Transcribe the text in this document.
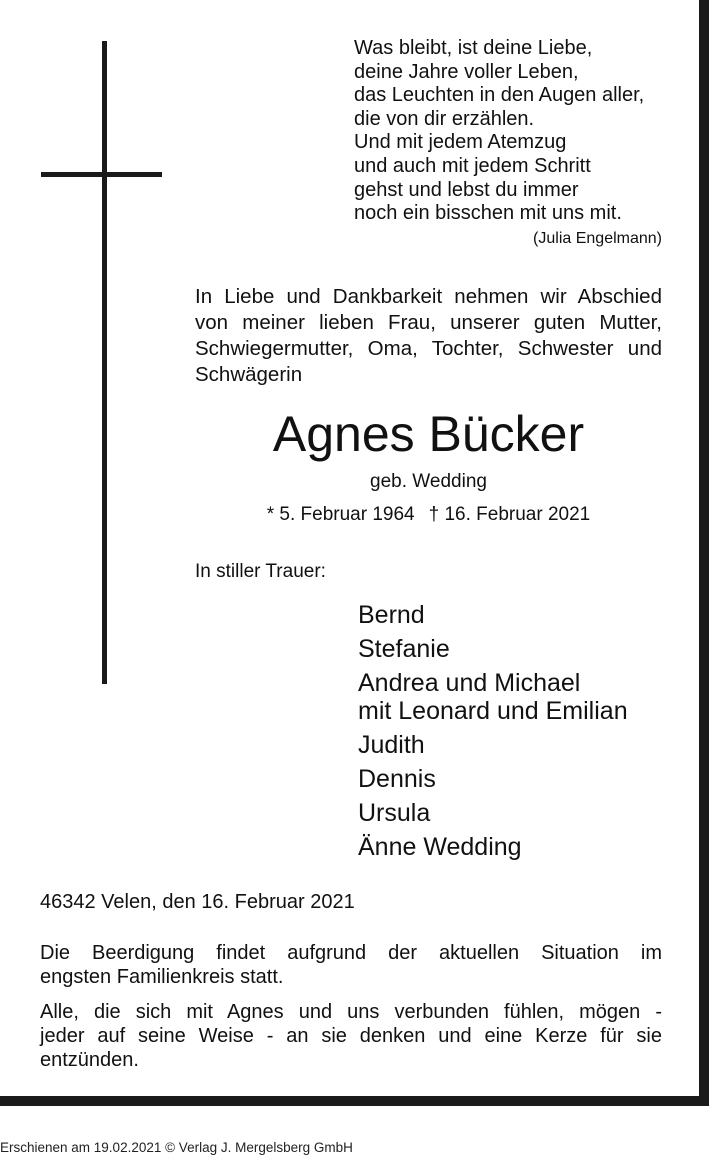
Was bleibt, ist deine Liebe,
deine Jahre voller Leben,
das Leuchten in den Augen aller,
die von dir erzählen.
Und mit jedem Atemzug
und auch mit jedem Schritt
gehst und lebst du immer
noch ein bisschen mit uns mit.
(Julia Engelmann)
In Liebe und Dankbarkeit nehmen wir Abschied
von meiner lieben Frau, unserer guten Mutter,
Schwiegermutter, Oma, Tochter, Schwester und
Schwägerin
Agnes Bücker
geb. Wedding
* 5. Februar 1964 † 16. Februar 2021
In stiller Trauer:
Bernd
Stefanie
Andrea und Michael
mit Leonard und Emilian
Judith
Dennis
Ursula
Änne Wedding
46342 Velen, den 16. Februar 2021
Die Beerdigung findet aufgrund der aktuellen Situation im
engsten Familienkreis statt.
Alle, die sich mit Agnes und uns verbunden fühlen, mögen -
jeder auf seine Weise - an sie denken und eine Kerze für sie
entzünden.
Erschienen am 19.02.2021 © Verlag J. Mergelsberg GmbH
